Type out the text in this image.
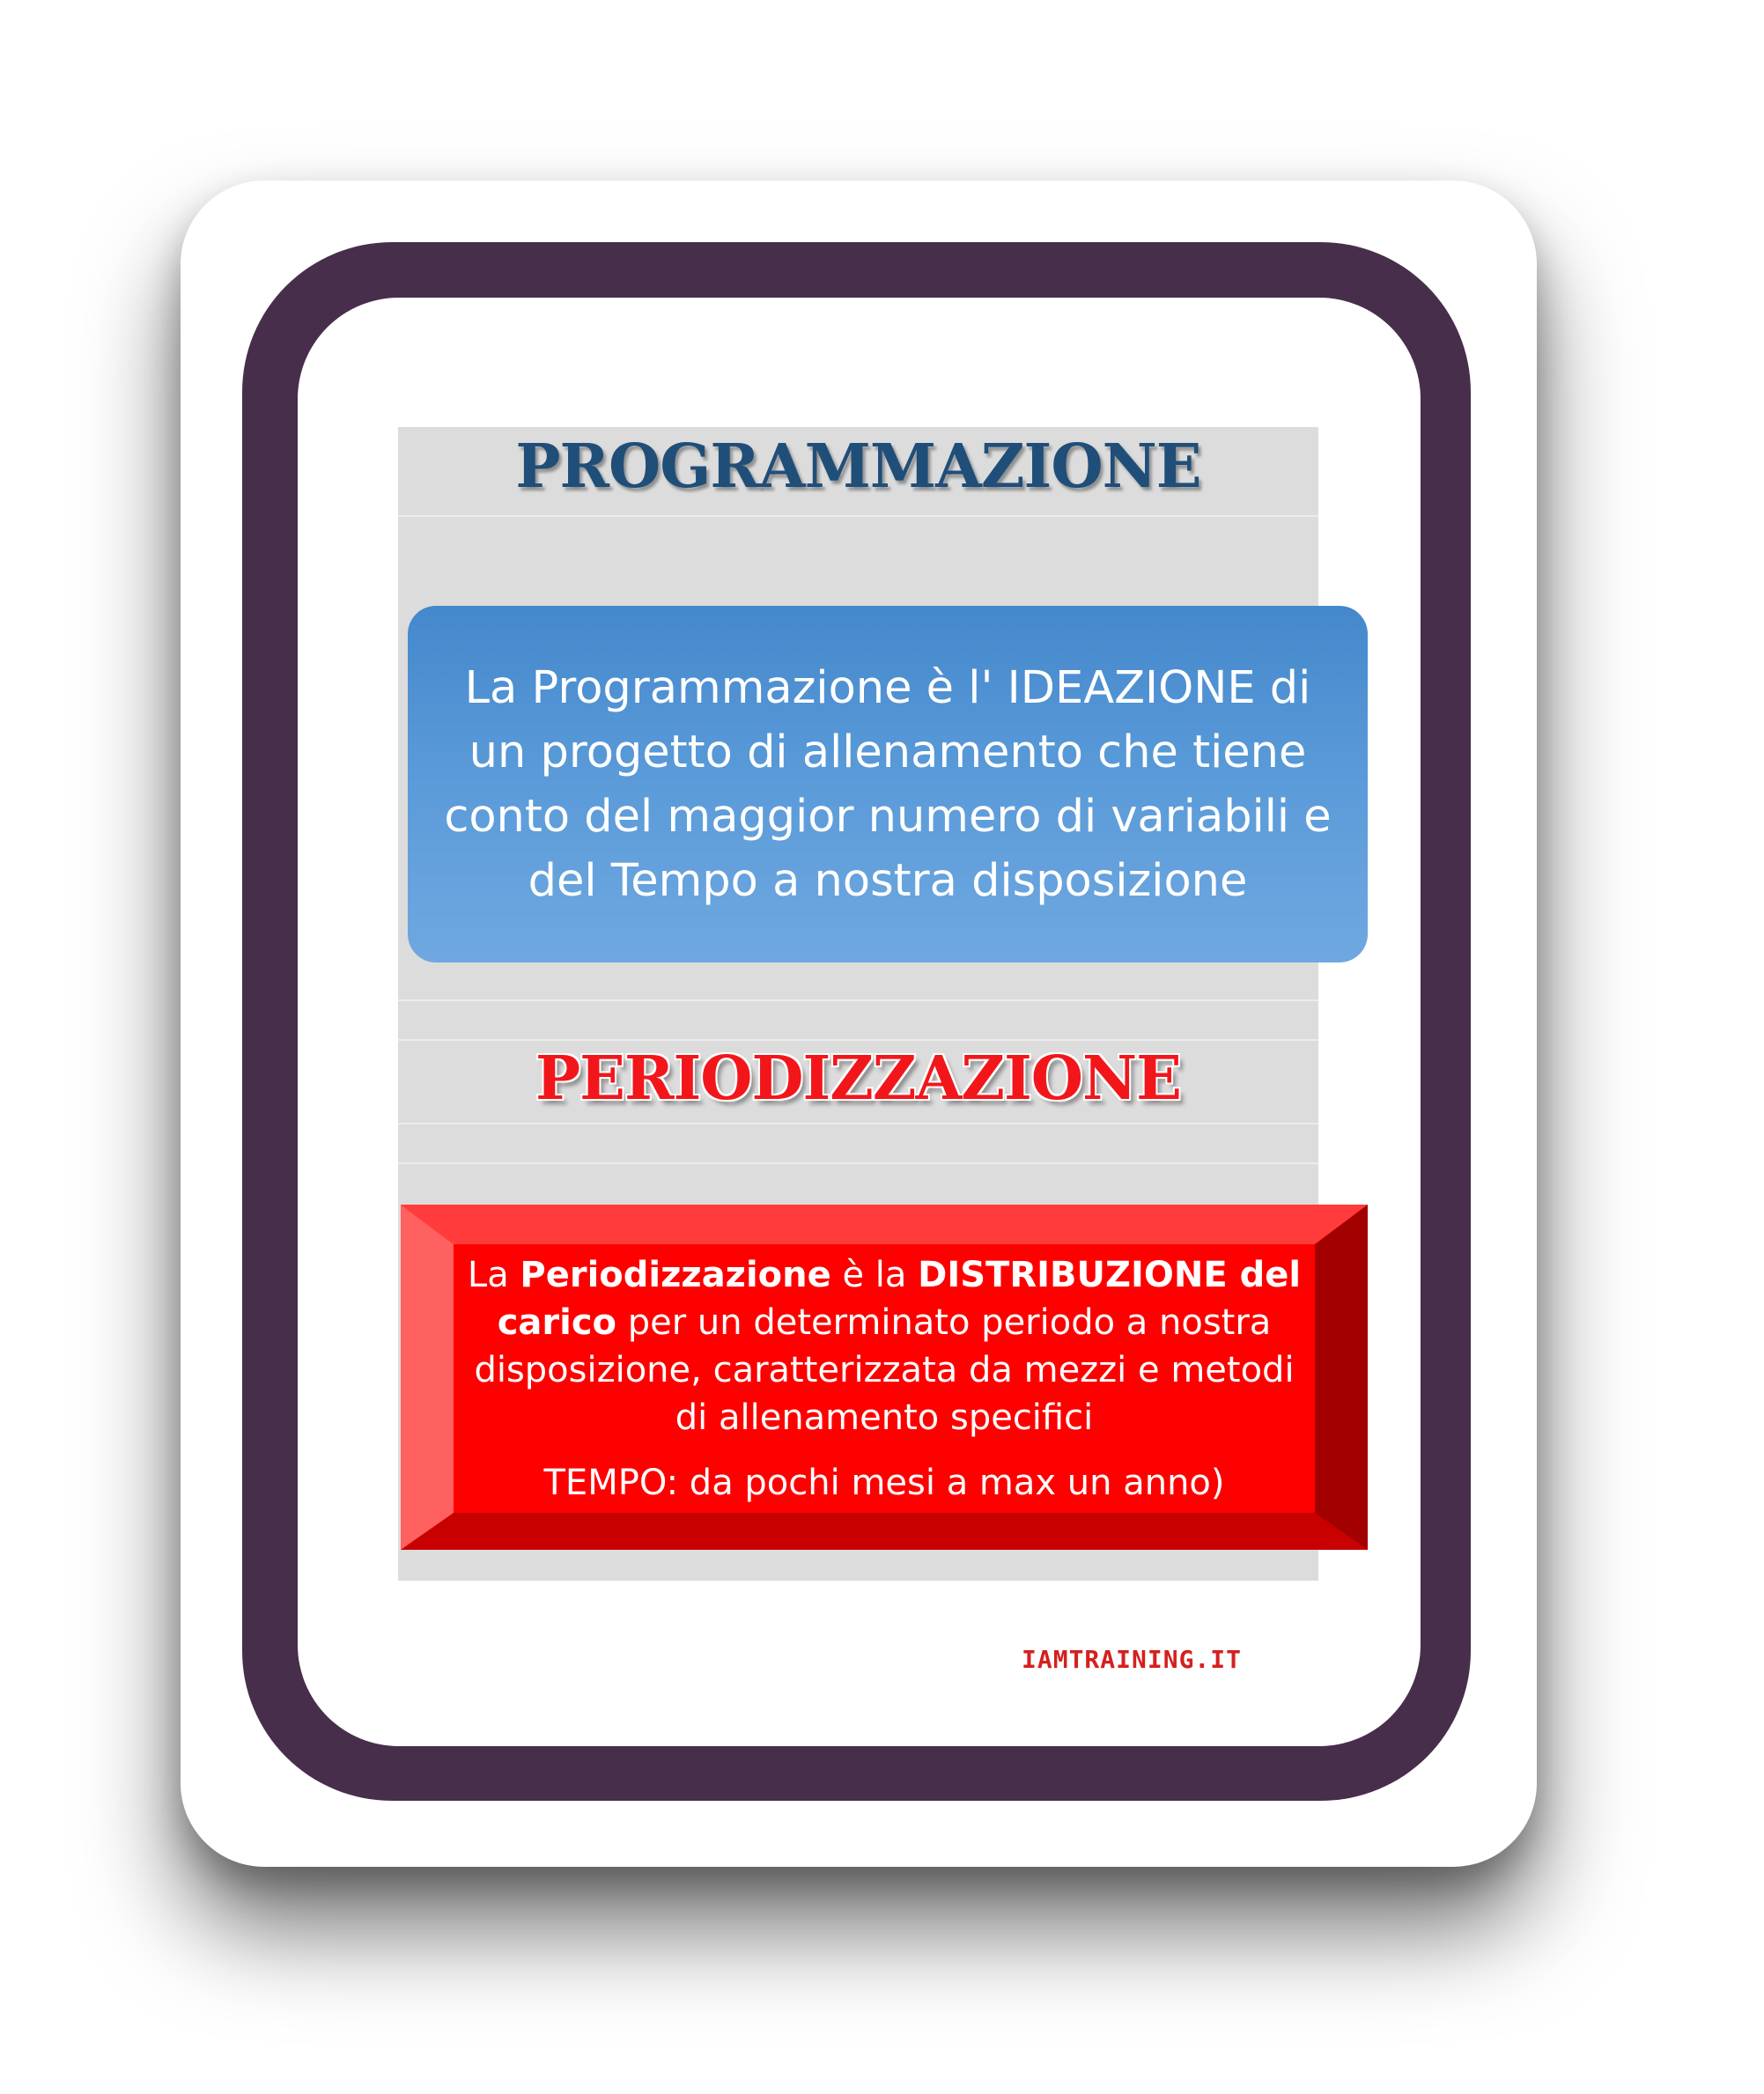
PROGRAMMAZIONE

La Programmazione è l' IDEAZIONE di un progetto di allenamento che tiene conto del maggior numero di variabili e del Tempo a nostra disposizione

PERIODIZZAZIONE

La Periodizzazione è la DISTRIBUZIONE del carico per un determinato periodo a nostra disposizione, caratterizzata da mezzi e metodi di allenamento specifici

TEMPO: da pochi mesi a max un anno)

IAMTRAINING.IT
